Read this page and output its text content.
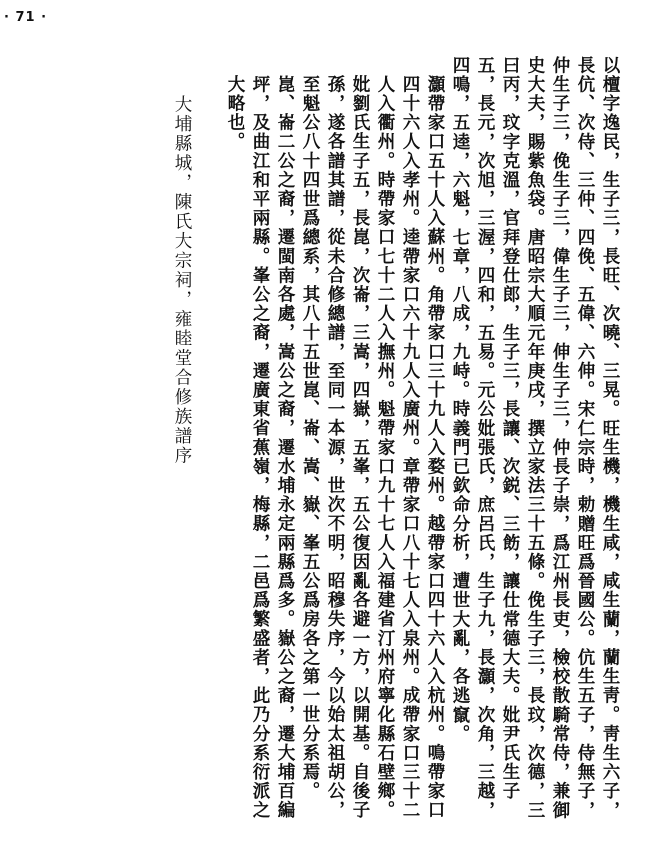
· 71 ·

以檀字逸民，生子三，長旺、次曉、三晃。旺生機，機生咸，咸生蘭，蘭生靑。靑生六子，長伉、次侍、三仲、四俛、五偉、六伸。宋仁宗時，勅贈旺爲晉國公。伉生五子，侍無子，仲生子三，俛生子三，偉生子三，伸生子三，仲長子崇，爲江州長吏，檢校散騎常侍，兼御史大夫，賜紫魚袋。唐昭宗大順元年庚戌，撰立家法三十五條。俛生子三，長玟，次德，三曰丙，玟字克溫，官拜登仕郎，生子三，長讓、次鋭、三飭，讓仕常德大夫。妣尹氏生子五，長元，次旭，三渥，四和，五易。元公妣張氏，庶呂氏，生子九，長灝，次角，三越，四鳴，五逵，六魁，七章，八成，九峙。時義門已欽命分析，遭世大亂，各逃竄。

灝帶家口五十人入蘇州。角帶家口三十九人入婺州。越帶家口四十六人入杭州。鳴帶家口四十六人入孝州。逵帶家口六十九人入廣州。章帶家口八十七人入泉州。成帶家口三十二人入衢州。時帶家口七十二人入撫州。魁帶家口九十七人入福建省汀州府寧化縣石壁鄉。妣劉氏生子五，長崑，次崙，三嵩，四嶽，五峯，五公復因亂各避一方，以開基。自後子孫，遂各譜其譜，從未合修總譜，至同一本源，世次不明，昭穆失序，今以始太祖胡公，至魁公八十四世爲總系，其八十五世崑、崙、嵩、嶽、峯五公爲房各之第一世分系焉。崑、崙二公之裔，遷閩南各處，嵩公之裔，遷水埔永定兩縣爲多。嶽公之裔，遷大埔百編坪，及曲江和平兩縣。峯公之裔，遷廣東省蕉嶺，梅縣，二邑爲繁盛者，此乃分系衍派之大略也。

大埔縣城，陳氏大宗祠，雍睦堂合修族譜序
